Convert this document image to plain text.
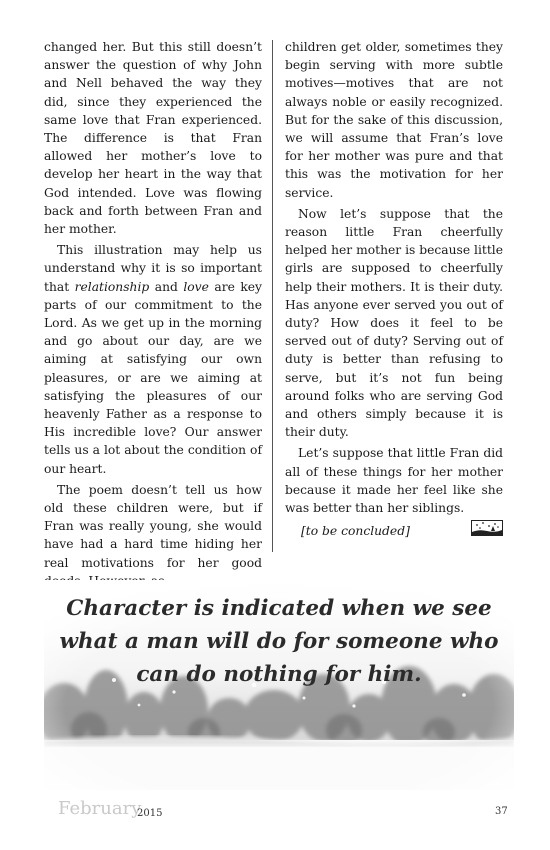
changed her. But this still doesn’t answer the question of why John and Nell behaved the way they did, since they experienced the same love that Fran experienced. The difference is that Fran allowed her mother’s love to develop her heart in the way that God intended. Love was flowing back and forth between Fran and her mother.

This illustration may help us understand why it is so important that relationship and love are key parts of our commitment to the Lord. As we get up in the morning and go about our day, are we aiming at satisfying our own pleasures, or are we aiming at satisfying the pleasures of our heavenly Father as a response to His incredible love? Our answer tells us a lot about the condition of our heart.

The poem doesn’t tell us how old these children were, but if Fran was really young, she would have had a hard time hiding her real motivations for her good

children get older, sometimes they begin serving with more subtle motives—motives that are not always noble or easily recognized. But for the sake of this discussion, we will assume that Fran’s love for her mother was pure and that this was the motivation for her service.

Now let’s suppose that the reason little Fran cheerfully helped her mother is because little girls are supposed to cheerfully help their mothers. It is their duty. Has anyone ever served you out of duty? How does it feel to be served out of duty? Serving out of duty is better than refusing to serve, but it’s not fun being around folks who are serving God and others simply because it is their duty.

Let’s suppose that little Fran did all of these things for her mother because it made her feel like she was better than her siblings.

[to be concluded]

Character is indicated when we see
what a man will do for someone who
can do nothing for him.

February
2015	37
